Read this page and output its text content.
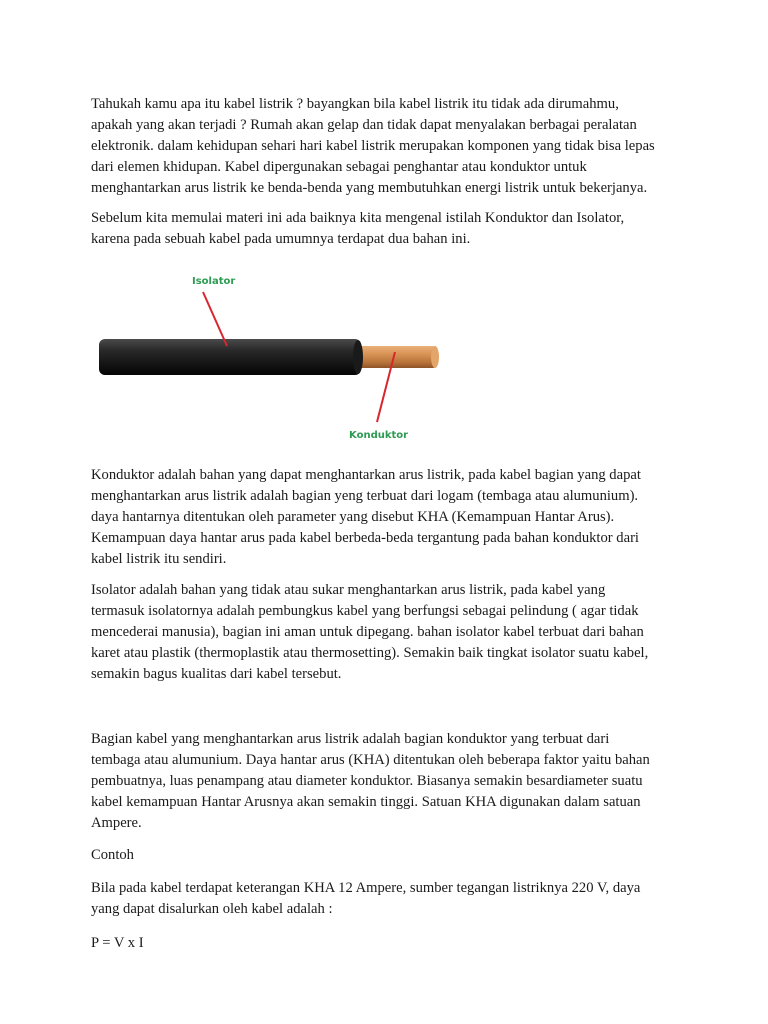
Tahukah kamu apa itu kabel listrik ? bayangkan bila kabel listrik itu tidak ada dirumahmu,
apakah yang akan terjadi ? Rumah akan gelap dan tidak dapat menyalakan berbagai peralatan
elektronik. dalam kehidupan sehari hari kabel listrik merupakan komponen yang tidak bisa lepas
dari elemen khidupan. Kabel dipergunakan sebagai penghantar atau konduktor untuk
menghantarkan arus listrik ke benda-benda yang membutuhkan energi listrik untuk bekerjanya.

Sebelum kita memulai materi ini ada baiknya kita mengenal istilah Konduktor dan Isolator,
karena pada sebuah kabel pada umumnya terdapat dua bahan ini.

Isolator
Konduktor

Konduktor adalah bahan yang dapat menghantarkan arus listrik, pada kabel bagian yang dapat
menghantarkan arus listrik adalah bagian yeng terbuat dari logam (tembaga atau alumunium).
daya hantarnya ditentukan oleh parameter yang disebut KHA (Kemampuan Hantar Arus).
Kemampuan daya hantar arus pada kabel berbeda-beda tergantung pada bahan konduktor dari
kabel listrik itu sendiri.

Isolator adalah bahan yang tidak atau sukar menghantarkan arus listrik, pada kabel yang
termasuk isolatornya adalah pembungkus kabel yang berfungsi sebagai pelindung ( agar tidak
mencederai manusia), bagian ini aman untuk dipegang. bahan isolator kabel terbuat dari bahan
karet atau plastik (thermoplastik atau thermosetting). Semakin baik tingkat isolator suatu kabel,
semakin bagus kualitas dari kabel tersebut.

Bagian kabel yang menghantarkan arus listrik adalah bagian konduktor yang terbuat dari
tembaga atau alumunium. Daya hantar arus (KHA) ditentukan oleh beberapa faktor yaitu bahan
pembuatnya, luas penampang atau diameter konduktor. Biasanya semakin besardiameter suatu
kabel kemampuan Hantar Arusnya akan semakin tinggi. Satuan KHA digunakan dalam satuan
Ampere.

Contoh

Bila pada kabel terdapat keterangan KHA 12 Ampere, sumber tegangan listriknya 220 V, daya
yang dapat disalurkan oleh kabel adalah :

P = V x I
